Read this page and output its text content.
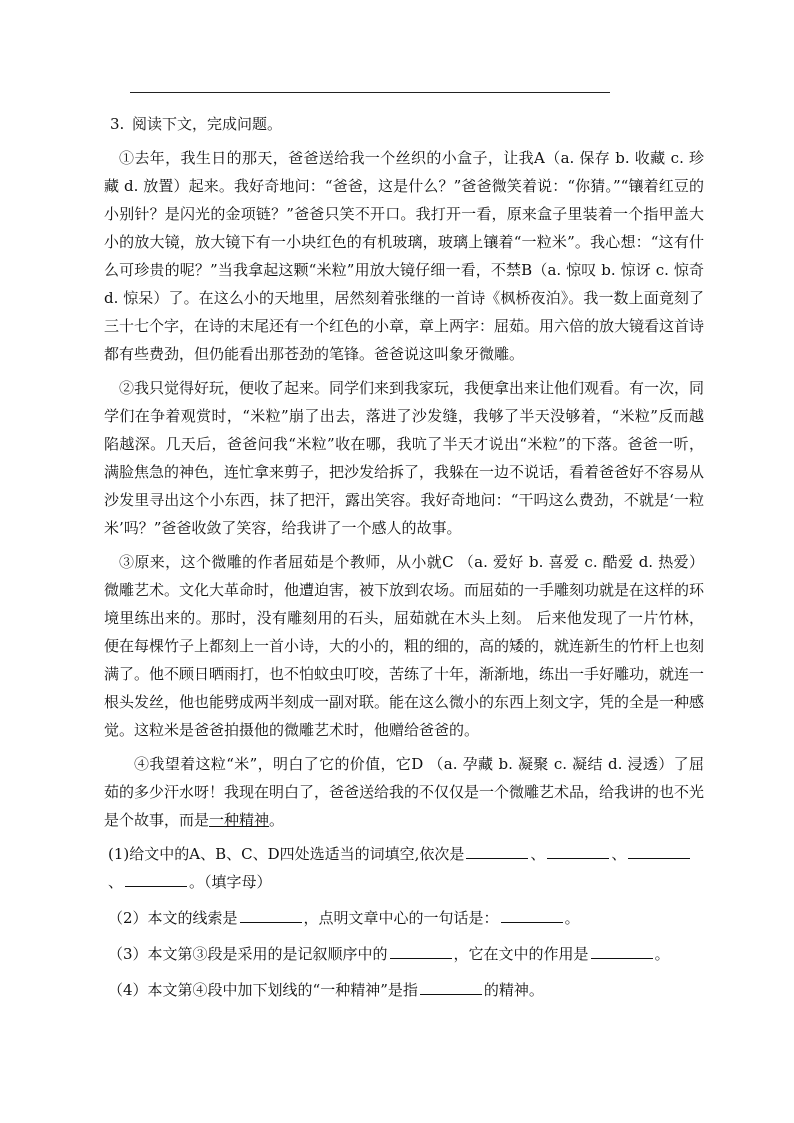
3. 阅读下文，完成问题。

①去年，我生日的那天，爸爸送给我一个丝织的小盒子，让我A（a. 保存 b. 收藏 c. 珍藏 d. 放置）起来。我好奇地问：“爸爸，这是什么？”爸爸微笑着说：“你猜。”“镶着红豆的小别针？是闪光的金项链？”爸爸只笑不开口。我打开一看，原来盒子里装着一个指甲盖大小的放大镜，放大镜下有一小块红色的有机玻璃，玻璃上镶着“一粒米”。我心想：“这有什么可珍贵的呢？”当我拿起这颗“米粒”用放大镜仔细一看，不禁B（a. 惊叹 b. 惊讶 c. 惊奇 d. 惊呆）了。在这么小的天地里，居然刻着张继的一首诗《枫桥夜泊》。我一数上面竟刻了三十七个字，在诗的末尾还有一个红色的小章，章上两字：屈茹。用六倍的放大镜看这首诗都有些费劲，但仍能看出那苍劲的笔锋。爸爸说这叫象牙微雕。

②我只觉得好玩，便收了起来。同学们来到我家玩，我便拿出来让他们观看。有一次，同学们在争着观赏时，“米粒”崩了出去，落进了沙发缝，我够了半天没够着，“米粒”反而越陷越深。几天后，爸爸问我“米粒”收在哪，我吭了半天才说出“米粒”的下落。爸爸一听，满脸焦急的神色，连忙拿来剪子，把沙发给拆了，我躲在一边不说话，看着爸爸好不容易从沙发里寻出这个小东西，抹了把汗，露出笑容。我好奇地问：“干吗这么费劲，不就是‘一粒米’吗？”爸爸收敛了笑容，给我讲了一个感人的故事。

③原来，这个微雕的作者屈茹是个教师，从小就C （a. 爱好 b. 喜爱 c. 酷爱 d. 热爱）微雕艺术。文化大革命时，他遭迫害，被下放到农场。而屈茹的一手雕刻功就是在这样的环境里练出来的。那时，没有雕刻用的石头，屈茹就在木头上刻。 后来他发现了一片竹林，便在每棵竹子上都刻上一首小诗，大的小的，粗的细的，高的矮的，就连新生的竹杆上也刻满了。他不顾日晒雨打，也不怕蚊虫叮咬，苦练了十年，渐渐地，练出一手好雕功，就连一根头发丝，他也能劈成两半刻成一副对联。能在这么微小的东西上刻文字，凭的全是一种感觉。这粒米是爸爸拍摄他的微雕艺术时，他赠给爸爸的。

④我望着这粒“米”，明白了它的价值，它D （a. 孕藏 b. 凝聚 c. 凝结 d. 浸透）了屈茹的多少汗水呀！我现在明白了，爸爸送给我的不仅仅是一个微雕艺术品，给我讲的也不光是个故事，而是一种精神。

(1)给文中的A、B、C、D四处选适当的词填空,依次是	、	、
、	。（填字母）

（2）本文的线索是	，点明文章中心的一句话是：	。

（3）本文第③段是采用的是记叙顺序中的	，它在文中的作用是	。

（4）本文第④段中加下划线的“一种精神”是指	的精神。
